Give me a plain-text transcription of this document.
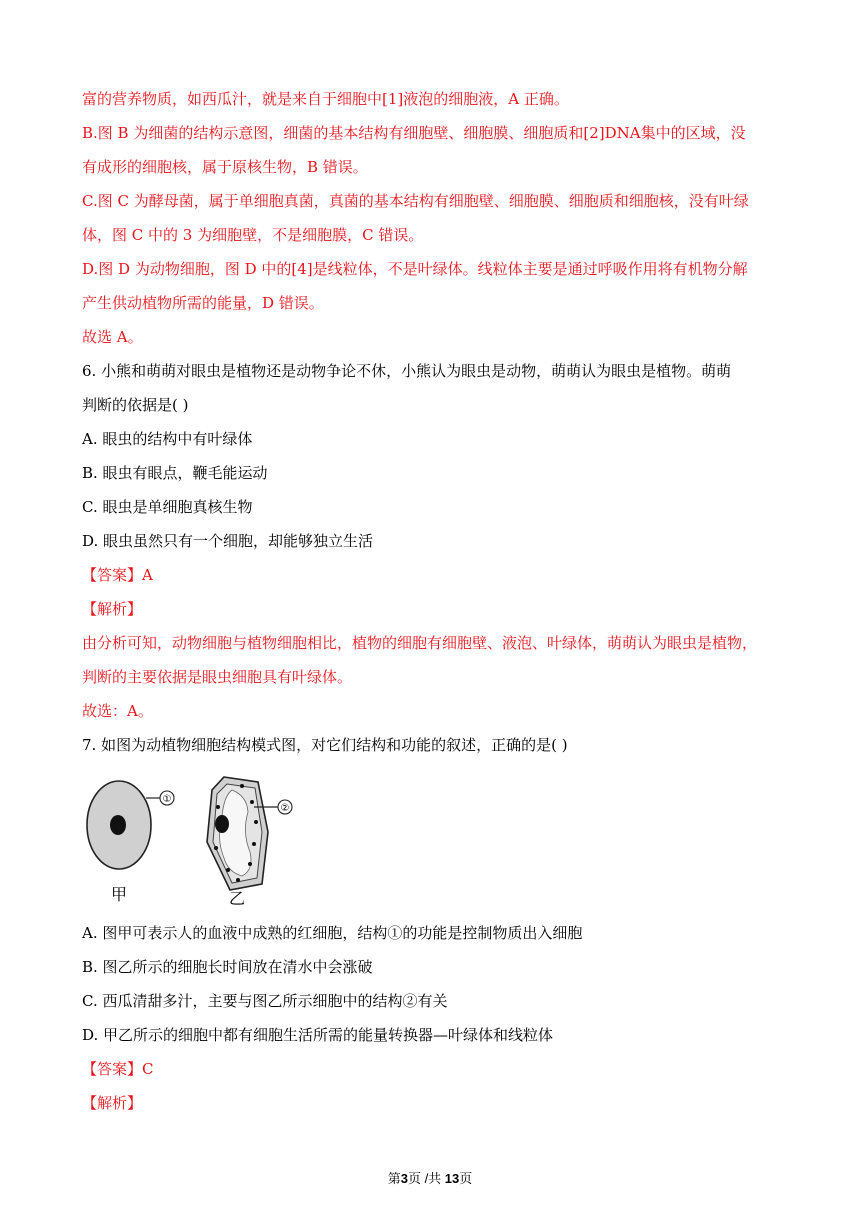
富的营养物质，如西瓜汁，就是来自于细胞中[1]液泡的细胞液，A 正确。
B.图 B 为细菌的结构示意图，细菌的基本结构有细胞壁、细胞膜、细胞质和[2]DNA集中的区域，没
有成形的细胞核，属于原核生物，B 错误。
C.图 C 为酵母菌，属于单细胞真菌，真菌的基本结构有细胞壁、细胞膜、细胞质和细胞核，没有叶绿
体，图 C 中的 3 为细胞壁，不是细胞膜，C 错误。
D.图 D 为动物细胞，图 D 中的[4]是线粒体，不是叶绿体。线粒体主要是通过呼吸作用将有机物分解
产生供动植物所需的能量，D 错误。
故选 A。
6. 小熊和萌萌对眼虫是植物还是动物争论不休，小熊认为眼虫是动物，萌萌认为眼虫是植物。萌萌
判断的依据是( )
A. 眼虫的结构中有叶绿体
B. 眼虫有眼点，鞭毛能运动
C. 眼虫是单细胞真核生物
D. 眼虫虽然只有一个细胞，却能够独立生活
【答案】A
【解析】
由分析可知，动物细胞与植物细胞相比，植物的细胞有细胞壁、液泡、叶绿体，萌萌认为眼虫是植物，
判断的主要依据是眼虫细胞具有叶绿体。
故选：A。
7. 如图为动植物细胞结构模式图，对它们结构和功能的叙述，正确的是( )
①
甲
②
乙
A. 图甲可表示人的血液中成熟的红细胞，结构①的功能是控制物质出入细胞
B. 图乙所示的细胞长时间放在清水中会涨破
C. 西瓜清甜多汁，主要与图乙所示细胞中的结构②有关
D. 甲乙所示的细胞中都有细胞生活所需的能量转换器—叶绿体和线粒体
【答案】C
【解析】
第3页 /共 13页
